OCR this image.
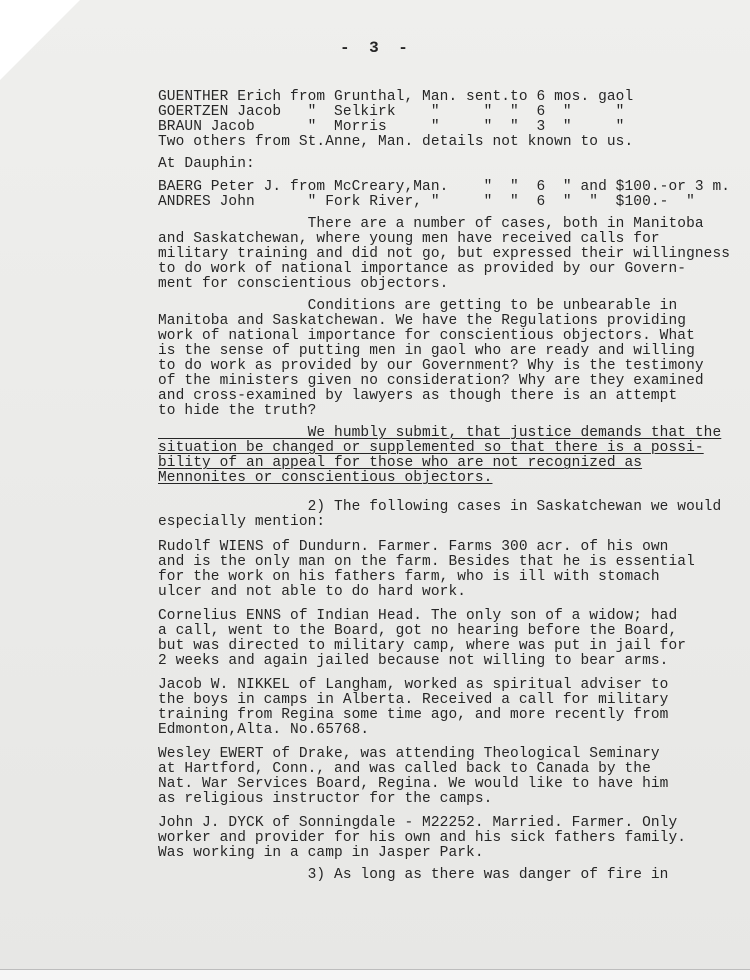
-  3  -
GUENTHER Erich from Grunthal, Man. sent.to 6 mos. gaol
GOERTZEN Jacob   "  Selkirk    "     "  "  6  "     "
BRAUN Jacob      "  Morris     "     "  "  3  "     "
Two others from St.Anne, Man. details not known to us.
At Dauphin:
BAERG Peter J. from McCreary,Man.    "  "  6  " and $100.-or 3 m.
ANDRES John      " Fork River, "     "  "  6  "  "  $100.-  "
There are a number of cases, both in Manitoba
and Saskatchewan, where young men have received calls for
military training and did not go, but expressed their willingness
to do work of national importance as provided by our Govern-
ment for conscientious objectors.
Conditions are getting to be unbearable in
Manitoba and Saskatchewan. We have the Regulations providing
work of national importance for conscientious objectors. What
is the sense of putting men in gaol who are ready and willing
to do work as provided by our Government? Why is the testimony
of the ministers given no consideration? Why are they examined
and cross-examined by lawyers as though there is an attempt
to hide the truth?
We humbly submit, that justice demands that the
situation be changed or supplemented so that there is a possi-
bility of an appeal for those who are not recognized as
Mennonites or conscientious objectors.
2) The following cases in Saskatchewan we would
especially mention:
Rudolf WIENS of Dundurn. Farmer. Farms 300 acr. of his own
and is the only man on the farm. Besides that he is essential
for the work on his fathers farm, who is ill with stomach
ulcer and not able to do hard work.
Cornelius ENNS of Indian Head. The only son of a widow; had
a call, went to the Board, got no hearing before the Board,
but was directed to military camp, where was put in jail for
2 weeks and again jailed because not willing to bear arms.
Jacob W. NIKKEL of Langham, worked as spiritual adviser to
the boys in camps in Alberta. Received a call for military
training from Regina some time ago, and more recently from
Edmonton,Alta. No.65768.
Wesley EWERT of Drake, was attending Theological Seminary
at Hartford, Conn., and was called back to Canada by the
Nat. War Services Board, Regina. We would like to have him
as religious instructor for the camps.
John J. DYCK of Sonningdale - M22252. Married. Farmer. Only
worker and provider for his own and his sick fathers family.
Was working in a camp in Jasper Park.
3) As long as there was danger of fire in
